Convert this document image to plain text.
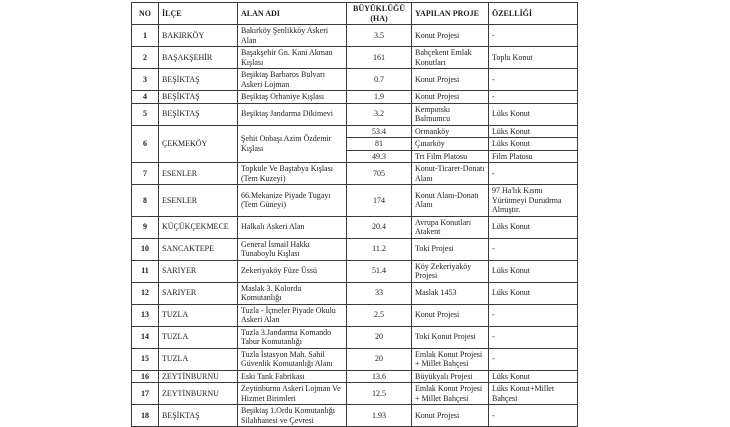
NO	İLÇE	ALAN ADI	BÜYÜKLÜĞÜ (HA)	YAPILAN PROJE	ÖZELLİĞİ
1	BAKIRKÖY	Bakırköy Şenlikköy Askeri Alan	3.5	Konut Projesi	-
2	BAŞAKŞEHİR	Başakşehir Gn. Kani Akman Kışlası	161	Bahçekent Emlak Konutları	Toplu Konut
3	BEŞİKTAŞ	Beşiktaş Barbaros Bulvarı Askeri Lojman	0.7	Konut Projesi	-
4	BEŞİKTAŞ	Beşiktaş Orhaniye Kışlası	1.9	Konut Projesi	-
5	BEŞİKTAŞ	Beşiktaş Jandarma Dikimevi	3.2	Kempınskı Balmumcu	Lüks Konut
6	ÇEKMEKÖY	Şehit Onbaşı Azim Özdemir Kışlası	53.4	Ormanköy	Lüks Konut
			81	Çınarköy	Lüks Konut
			49.3	Trt Film Platosu	Film Platosu
7	ESENLER	Topkule Ve Baştabya Kışlası (Tem Kuzeyi)	705	Konut-Ticaret-Donatı Alanı	-
8	ESENLER	66.Mekanize Piyade Tugayı (Tem Güneyi)	174	Konut Alanı-Donatı Alanı	97 Ha'lık Kısmı Yürütmeyi Durudrma Almıştır.
9	KÜÇÜKÇEKMECE	Halkalı Askeri Alan	20.4	Avrupa Konutları Atakent	Lüks Konut
10	SANCAKTEPE	General İsmail Hakkı Tunaboylu Kışlası	11.2	Toki Projesi	-
11	SARIYER	Zekeriyaköy Füze Üssü	51.4	Köy Zekeriyaköy Projesi	Lüks Konut
12	SARIYER	Maslak 3. Kolordu Komutanlığı	33	Maslak 1453	Lüks Konut
13	TUZLA	Tuzla - İçmeler Piyade Okulu Askeri Alan	2.5	Konut Projesi	-
14	TUZLA	Tuzla 3.Jandarma Komando Tabur Komutanlığı	20	Toki Konut Projesi	-
15	TUZLA	Tuzla İstasyon Mah. Sahil Güvenlik Komutanlığı Alanı	20	Emlak Konut Projesi + Millet Bahçesi	-
16	ZEYTİNBURNU	Eski Tank Fabrikası	13.6	Büyükyalı Projesi	Lüks Konut
17	ZEYTİNBURNU	Zeytinburnu Askeri Lojman Ve Hizmet Birimleri	12.5	Emlak Konut Projesi + Millet Bahçesi	Lüks Konut+Millet Bahçesi
18	BEŞİKTAŞ	Beşiktaş 1.Ordu Komutanlığı Silahhanesi ve Çevresi	1.93	Konut Projesi	-
